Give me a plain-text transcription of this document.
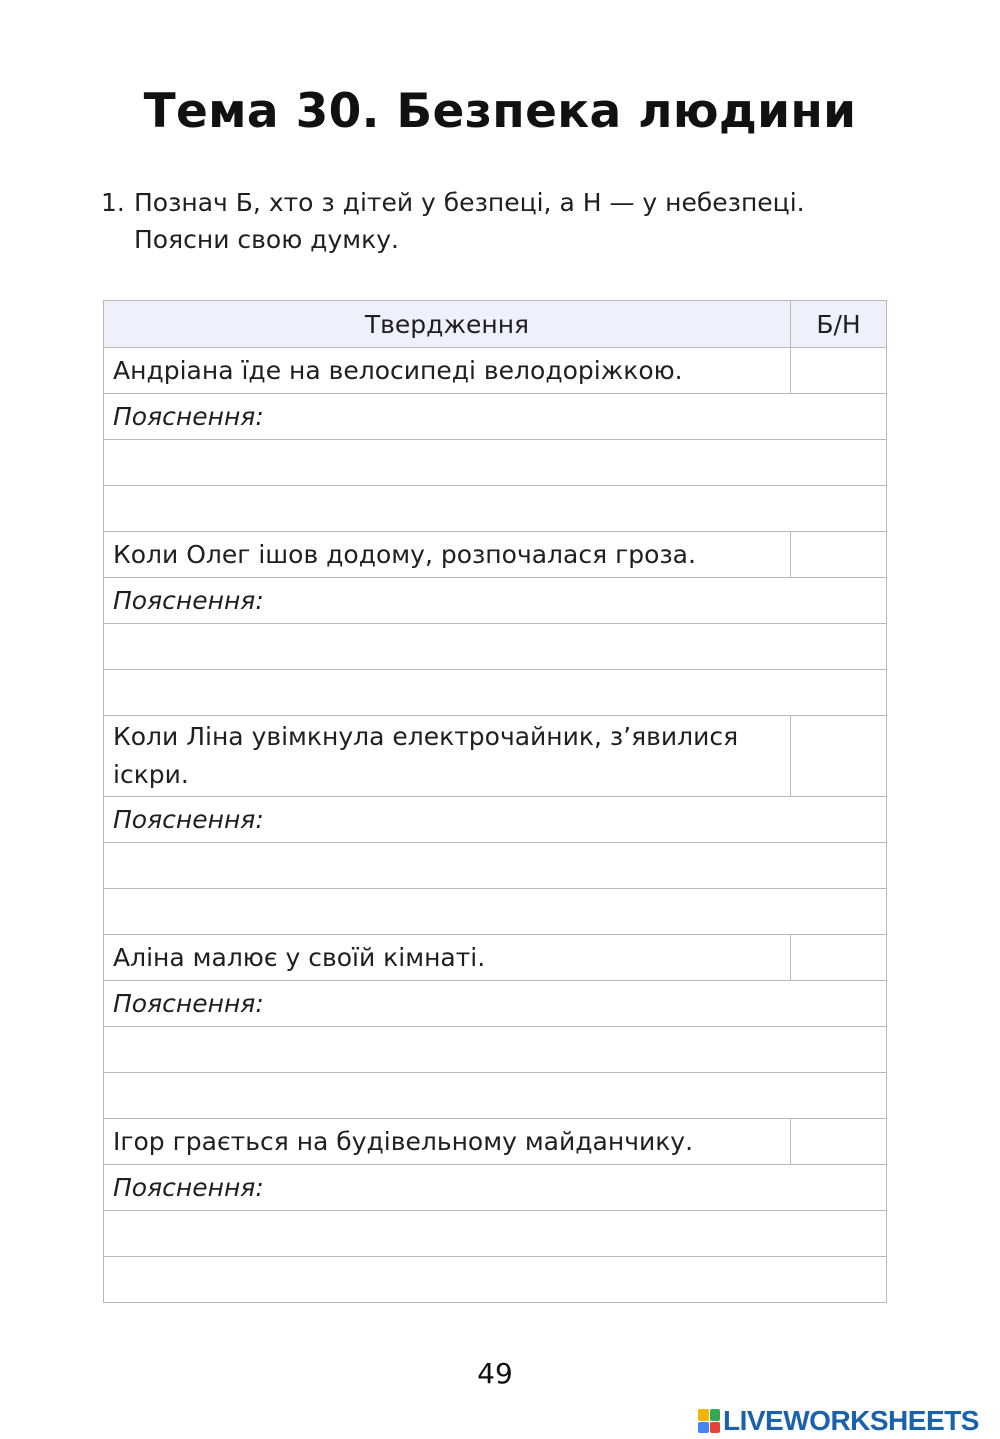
Тема 30. Безпека людини
1. Познач Б, хто з дітей у безпеці, а Н — у небезпеці. Поясни свою думку.
Твердження	Б/Н
Андріана їде на велосипеді велодоріжкою.	
Пояснення:	

Коли Олег ішов додому, розпочалася гроза.	
Пояснення:	

Коли Ліна увімкнула електрочайник, з’явилися іскри.	
Пояснення:	

Аліна малює у своїй кімнаті.	
Пояснення:	

Ігор грається на будівельному майданчику.	
Пояснення:	

49
LIVEWORKSHEETS
